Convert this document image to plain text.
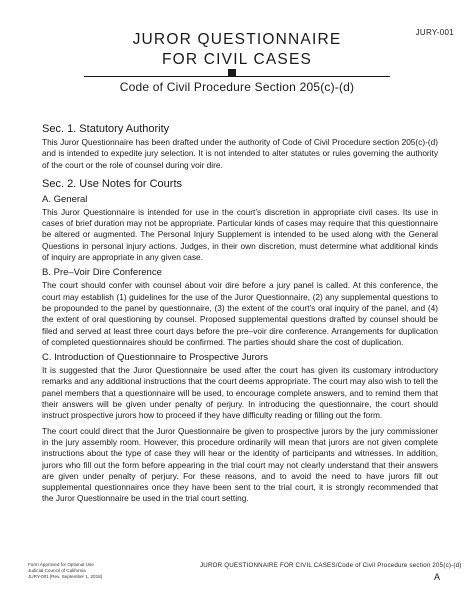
JURY-001
JUROR QUESTIONNAIRE
FOR CIVIL CASES
Code of Civil Procedure Section 205(c)-(d)
Sec. 1. Statutory Authority
This Juror Questionnaire has been drafted under the authority of Code of Civil Procedure section 205(c)-(d) and is intended to expedite jury selection. It is not intended to alter statutes or rules governing the authority of the court or the role of counsel during voir dire.
Sec. 2. Use Notes for Courts
A. General
This Juror Questionnaire is intended for use in the court’s discretion in appropriate civil cases. Its use in cases of brief duration may not be appropriate. Particular kinds of cases may require that this questionnaire be altered or augmented. The Personal Injury Supplement is intended to be used along with the General Questions in personal injury actions. Judges, in their own discretion, must determine what additional kinds of inquiry are appropriate in any given case.
B. Pre–Voir Dire Conference
The court should confer with counsel about voir dire before a jury panel is called. At this conference, the court may establish (1) guidelines for the use of the Juror Questionnaire, (2) any supplemental questions to be propounded to the panel by questionnaire, (3) the extent of the court’s oral inquiry of the panel, and (4) the extent of oral questioning by counsel. Proposed supplemental questions drafted by counsel should be filed and served at least three court days before the pre–voir dire conference. Arrangements for duplication of completed questionnaires should be confirmed. The parties should share the cost of duplication.
C. Introduction of Questionnaire to Prospective Jurors
It is suggested that the Juror Questionnaire be used after the court has given its customary introductory remarks and any additional instructions that the court deems appropriate. The court may also wish to tell the panel members that a questionnaire will be used, to encourage complete answers, and to remind them that their answers will be given under penalty of perjury. In introducing the questionnaire, the court should instruct prospective jurors how to proceed if they have difficulty reading or filling out the form.
The court could direct that the Juror Questionnaire be given to prospective jurors by the jury commissioner in the jury assembly room. However, this procedure ordinarily will mean that jurors are not given complete instructions about the type of case they will hear or the identity of participants and witnesses. In addition, jurors who fill out the form before appearing in the trial court may not clearly understand that their answers are given under penalty of perjury. For these reasons, and to avoid the need to have jurors fill out supplemental questionnaires once they have been sent to the trial court, it is strongly recommended that the Juror Questionnaire be used in the trial court setting.
Form Approved for Optional Use
Judicial Council of California
JURY-001 [Rev. September 1, 2018]
JUROR QUESTIONNAIRE FOR CIVIL CASES/Code of Civil Procedure section 205(c)-(d)
A
